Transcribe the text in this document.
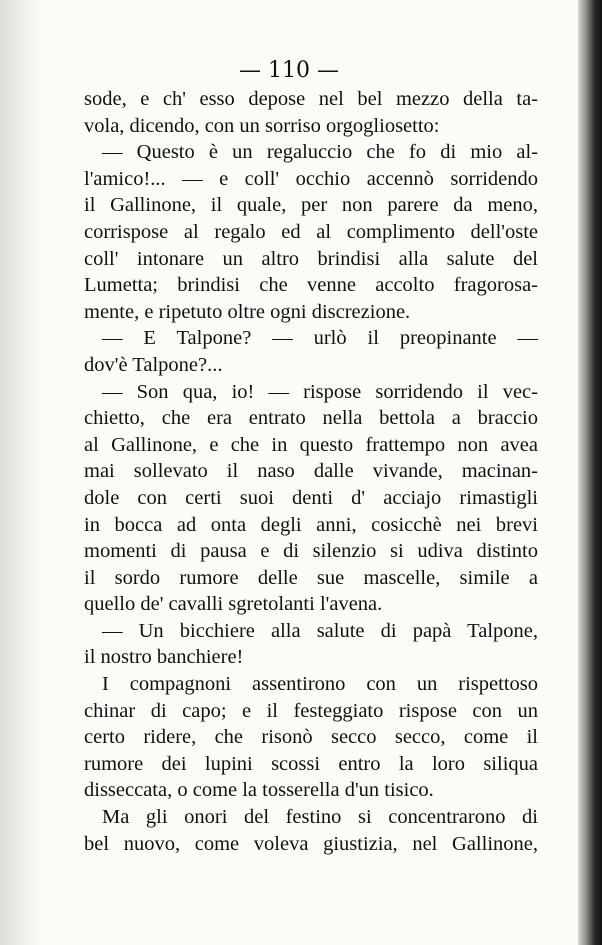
— 110 —
sode, e ch' esso depose nel bel mezzo della ta-
vola, dicendo, con un sorriso orgogliosetto:
— Questo è un regaluccio che fo di mio al-
l'amico!... — e coll' occhio accennò sorridendo
il Gallinone, il quale, per non parere da meno,
corrispose al regalo ed al complimento dell'oste
coll' intonare un altro brindisi alla salute del
Lumetta; brindisi che venne accolto fragorosa-
mente, e ripetuto oltre ogni discrezione.
— E Talpone? — urlò il preopinante —
dov'è Talpone?...
— Son qua, io! — rispose sorridendo il vec-
chietto, che era entrato nella bettola a braccio
al Gallinone, e che in questo frattempo non avea
mai sollevato il naso dalle vivande, macinan-
dole con certi suoi denti d' acciajo rimastigli
in bocca ad onta degli anni, cosicchè nei brevi
momenti di pausa e di silenzio si udiva distinto
il sordo rumore delle sue mascelle, simile a
quello de' cavalli sgretolanti l'avena.
— Un bicchiere alla salute di papà Talpone,
il nostro banchiere!
I compagnoni assentirono con un rispettoso
chinar di capo; e il festeggiato rispose con un
certo ridere, che risonò secco secco, come il
rumore dei lupini scossi entro la loro siliqua
disseccata, o come la tosserella d'un tisico.
Ma gli onori del festino si concentrarono di
bel nuovo, come voleva giustizia, nel Gallinone,
